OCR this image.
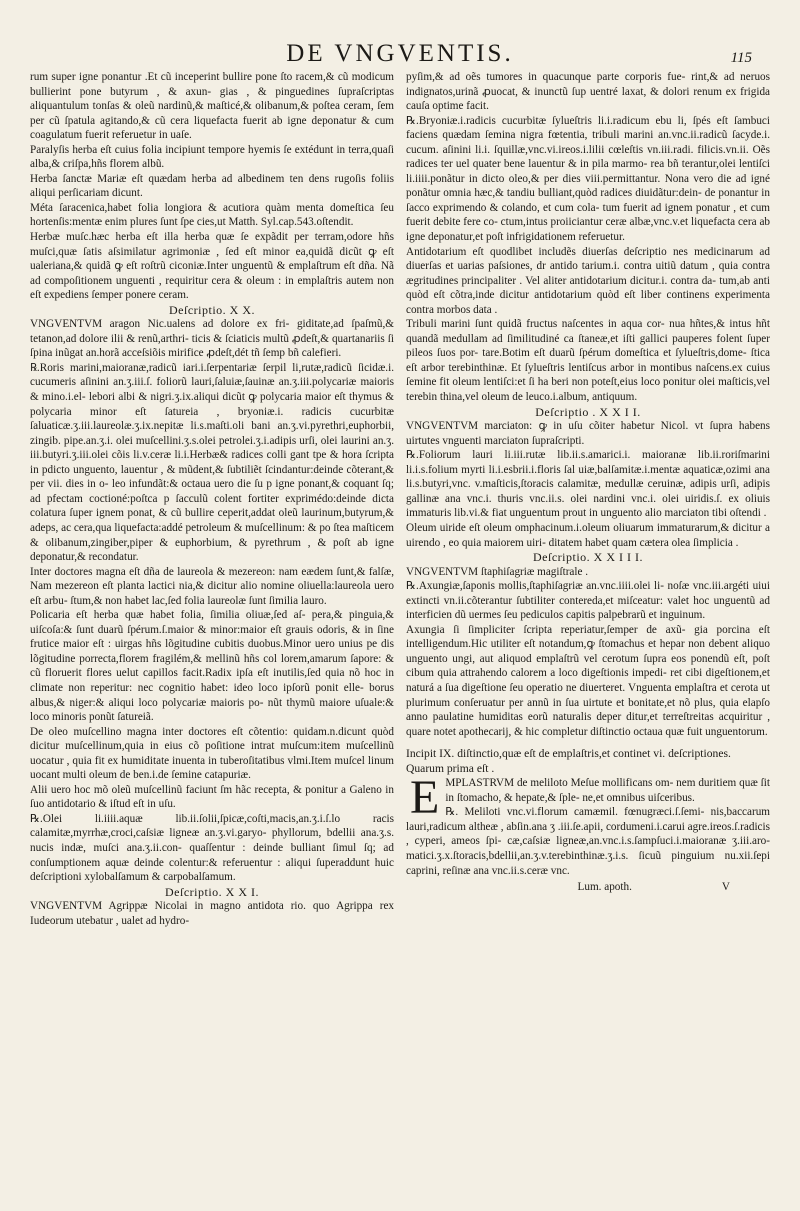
DE VNGVENTIS.	115

rum super igne ponantur .Et cũ inceperint bullire pone ſto racem,& cũ modicum bullierint pone butyrum , & axun- gias , & pinguedines ſupraſcriptas aliquantulum tonſas & oleũ nardinũ,& maſticé,& olibanum,& poſtea ceram, ſem per cũ ſpatula agitando,& cũ cera liquefacta fuerit ab igne deponatur & cum coagulatum fuerit referuetur in uaſe.

Paralyſis herba eſt cuius folia incipiunt tempore hyemis ſe extédunt in terra,quaſi alba,& criſpa,hñs florem albũ.

Herba ſanctæ Mariæ eſt quædam herba ad albedinem ten dens rugoſis foliis aliqui perſicariam dicunt.

Méta ſaracenica,habet folia longiora & acutiora quàm menta domeſtica ſeu hortenſis:mentæ enim plures ſunt ſpe cies,ut Matth. Syl.cap.543.oſtendit.

Herbæ muſc.hæc herba eſt illa herba quæ ſe expãdit per terram,odore hñs muſci,quæ ſatis aſsimilatur agrimoniæ , ſed eſt minor ea,quidã dicũt ꝙ eſt ualeriana,& quidã ꝙ eſt roſtrũ ciconiæ.Inter unguentũ & emplaſtrum eſt dña. Nã ad compoſitionem unguenti , requiritur cera & oleum : in emplaſtris autem non eſt expediens ſemper ponere ceram.

Deſcriptio. X X.

VNGVENTVM aragon Nic.ualens ad dolore ex fri- giditate,ad ſpaſmũ,& tetanon,ad dolore ilii & renũ,arthri- ticis & ſciaticis multũ ꝓdeſt,& quartanariis ſi ſpina inũgat an.horã acceſsiõis mirifice ꝓdeſt,dét tñ ſemp bñ calefieri.

℞.Roris marini,maioranæ,radicũ iari.i.ſerpentariæ ſerpil li,rutæ,radicũ ſicidæ.i. cucumeris aſinini an.ʒ.iii.ſ. foliorũ lauri,ſaluiæ,ſauinæ an.ʒ.iii.polycariæ maioris & mino.i.el- lebori albi & nigri.ʒ.ix.aliqui dicũt ꝙ polycaria maior eſt thymus & polycaria minor eſt ſatureia , bryoniæ.i. radicis cucurbitæ ſaluaticæ.ʒ.iii.laureolæ.ʒ.ix.nepitæ li.s.maſti.oli bani an.ʒ.vi.pyrethri,euphorbii, zingib. pipe.an.ʒ.i. olei muſcellini.ʒ.s.olei petrolei.ʒ.i.adipis urſi, olei laurini an.ʒ. iii.butyri.ʒ.iii.olei cõis li.v.ceræ li.i.Herbæ& radices colli gant tpe & hora ſcripta in pdicto unguento, lauentur , & mũdent,& ſubtiliẽt ſcindantur:deinde cõterant,& per vii. dies in o- leo infundãt:& octaua uero die ſu p igne ponant,& coquant ſq; ad pfectam coctioné:poſtca p ſacculũ colent fortiter exprimédo:deinde dicta colatura ſuper ignem ponat, & cũ bullire ceperit,addat oleũ laurinum,butyrum,& adeps, ac cera,qua liquefacta:addé petroleum & muſcellinum: & po ſtea maſticem & olibanum,zingiber,piper & euphorbium, & pyrethrum , & poſt ab igne deponatur,& recondatur.

Inter doctores magna eſt dña de laureola & mezereon: nam eædem ſunt,& falſæ, Nam mezereon eſt planta lactici nia,& dicitur alio nomine oliuella:laureola uero eſt arbu- ſtum,& non habet lac,ſed folia laureolæ ſunt ſimilia lauro.

Policaria eſt herba quæ habet folia, ſimilia oliuæ,ſed aſ- pera,& pinguia,& uiſcoſa:& ſunt duarũ ſpérum.ſ.maior & minor:maior eſt grauis odoris, & in ſine frutice maior eſt : uirgas hñs lõgitudine cubitis duobus.Minor uero unius pe dis lõgitudine porrecta,florem fragilém,& mellinũ hñs col lorem,amarum ſapore: & cũ floruerit flores uelut capillos facit.Radix ipſa eſt inutilis,ſed quia nõ hoc in climate non reperitur: nec cognitio habet: ideo loco ipſorũ ponit elle- borus albus,& niger:& aliqui loco polycariæ maioris po- nũt thymũ maiore uſuale:& loco minoris ponũt ſatureiã.

De oleo muſcellino magna inter doctores eſt cõtentio: quidam.n.dicunt quòd dicitur muſcellinum,quia in eius cõ poſitione intrat muſcum:item muſcellinũ uocatur , quia fit ex humiditate inuenta in tuberoſitatibus vlmi.Item muſcel linum uocant multi oleum de ben.i.de ſemine catapuriæ.

Alii uero hoc mõ oleũ muſcellinũ faciunt ſm hãc recepta, & ponitur a Galeno in ſuo antidotario & iſtud eſt in uſu.

℞.Olei li.iiii.aquæ lib.ii.ſolii,ſpicæ,coſti,macis,an.ʒ.i.ſ.lo racis calamitæ,myrrhæ,croci,caſsiæ ligneæ an.ʒ.vi.garyo- phyllorum, bdellii ana.ʒ.s. nucis indæ, muſci ana.ʒ.ii.con- quaſſentur : deinde bulliant ſimul ſq; ad conſumptionem aquæ deinde colentur:& referuentur : aliqui ſuperaddunt huic deſcriptioni xylobalſamum & carpobalſamum.

Deſcriptio. X X I.

VNGVENTVM Agrippæ Nicolai in magno antidota rio. quo Agrippa rex Iudeorum utebatur , ualet ad hydro-

pyſim,& ad oẽs tumores in quacunque parte corporis fue- rint,& ad neruos indignatos,urinã ꝓuocat, & inunctũ ſup uentré laxat, & dolori renum ex frigida cauſa optime facit.

℞.Bryoniæ.i.radicis cucurbitæ ſylueſtris li.i.radicum ebu li, ſpés eſt ſambuci faciens quædam ſemina nigra fœtentia, tribuli marini an.vnc.ii.radicũ ſacyde.i. cucum. aſinini li.i. ſquillæ,vnc.vi.ireos.i.lilii cœleſtis vn.iii.radi. filicis.vn.ii. Oẽs radices ter uel quater bene lauentur & in pila marmo- rea bñ terantur,olei lentiſci li.iiii.ponãtur in dicto oleo,& per dies viii.permittantur. Nona vero die ad igné ponãtur omnia hæc,& tandiu bulliant,quòd radices diuidãtur:dein- de ponantur in ſacco exprimendo & colando, et cum cola- tum fuerit ad ignem ponatur , et cum fuerit debite fere co- ctum,intus proiiciantur ceræ albæ,vnc.v.et liquefacta cera ab igne deponatur,et poſt infrigidationem referuetur.

Antidotarium eſt quodlibet includẽs diuerſas deſcriptio nes medicinarum ad diuerſas et uarias paſsiones, dr antido tarium.i. contra uitiũ datum , quia contra ægritudines principaliter . Vel aliter antidotarium dicitur.i. contra da- tum,ab anti quòd eſt cõtra,inde dicitur antidotarium quòd eſt liber continens experimenta contra morbos data .

Tribuli marini ſunt quidã fructus naſcentes in aqua cor- nua hñtes,& intus hñt quandã medullam ad ſimilitudiné ca ſtaneæ,et iſti gallici pauperes folent ſuper pileos ſuos por- tare.Botim eſt duarũ ſpérum domeſtica et ſylueſtris,dome- ſtica eſt arbor terebinthinæ. Et ſylueſtris lentiſcus arbor in montibus naſcens.ex cuius ſemine fit oleum lentiſci:et ſi ha beri non poteſt,eius loco ponitur olei maſticis,vel terebin thina,vel oleum de leuco.i.album, antiquum.

Deſcriptio . X X I I.

VNGVENTVM marciaton: ꝙ in uſu cõiter habetur Nicol. vt ſupra habens uirtutes vnguenti marciaton ſupraſcripti.

℞.Foliorum lauri li.iii.rutæ lib.ii.s.amarici.i. maioranæ lib.ii.roriſmarini li.i.s.folium myrti li.i.esbrii.i.floris ſal uiæ,balſamitæ.i.mentæ aquaticæ,ozimi ana li.s.butyri,vnc. v.maſticis,ſtoracis calamitæ, medullæ ceruinæ, adipis urſi, adipis gallinæ ana vnc.i. thuris vnc.ii.s. olei nardini vnc.i. olei uiridis.ſ. ex oliuis immaturis lib.vi.& fiat unguentum prout in unguento alio marciaton tibi oſtendi .

Oleum uiride eſt oleum omphacinum.i.oleum oliuarum immaturarum,& dicitur a uirendo , eo quia maiorem uiri- ditatem habet quam cætera olea ſimplicia .

Deſcriptio. X X I I I.

VNGVENTVM ſtaphiſagriæ magiſtrale .

℞.Axungiæ,ſaponis mollis,ſtaphiſagriæ an.vnc.iiii.olei li- noſæ vnc.iii.argéti uiui extincti vn.ii.cõterantur ſubtiliter contereda,et miſceatur: valet hoc unguentũ ad interficien dũ uermes ſeu pediculos capitis palpebrarũ et inguinum.

Axungia ſi ſimpliciter ſcripta reperiatur,ſemper de axũ- gia porcina eſt intelligendum.Hic utiliter eſt notandum,ꝙ ſtomachus et hepar non debent aliquo unguento ungi, aut aliquod emplaſtrũ vel cerotum ſupra eos ponendũ eſt, poſt cibum quia attrahendo calorem a loco digeſtionis impedi- ret cibi digeſtionem,et naturá a ſua digeſtione ſeu operatio ne diuerteret. Vnguenta emplaſtra et cerota ut plurimum conſeruatur per annũ in ſua uirtute et bonitate,et nõ plus, quia elapſo anno paulatine humiditas eorũ naturalis deper ditur,et terreſtreitas acquiritur , quare notet apothecarij, & hic completur diſtinctio octaua quæ fuit unguentorum.

Incipit IX. diſtinctio,quæ eſt de emplaſtris,et continet vi. deſcriptiones. Quarum prima eſt .

EMPLASTRVM de meliloto Meſue mollificans om- nem duritiem quæ ſit in ſtomacho, & hepate,& ſple- ne,et omnibus uiſceribus.

℞. Meliloti vnc.vi.florum camæmil. fœnugræci.ſ.ſemi- nis,baccarum lauri,radicum altheæ , abſin.ana ʒ .iii.ſe.apii, cordumeni.i.carui agre.ireos.ſ.radicis , cyperi, ameos ſpi- cæ,caſsiæ ligneæ,an.vnc.i.s.ſampſuci.i.maioranæ ʒ.iii.aro- matici.ʒ.x.ſtoracis,bdellii,an.ʒ.v.terebinthinæ.ʒ.i.s. ſicuũ pinguium nu.xii.ſepi caprini, reſinæ ana vnc.ii.s.ceræ vnc.

Lum. apoth.	V
